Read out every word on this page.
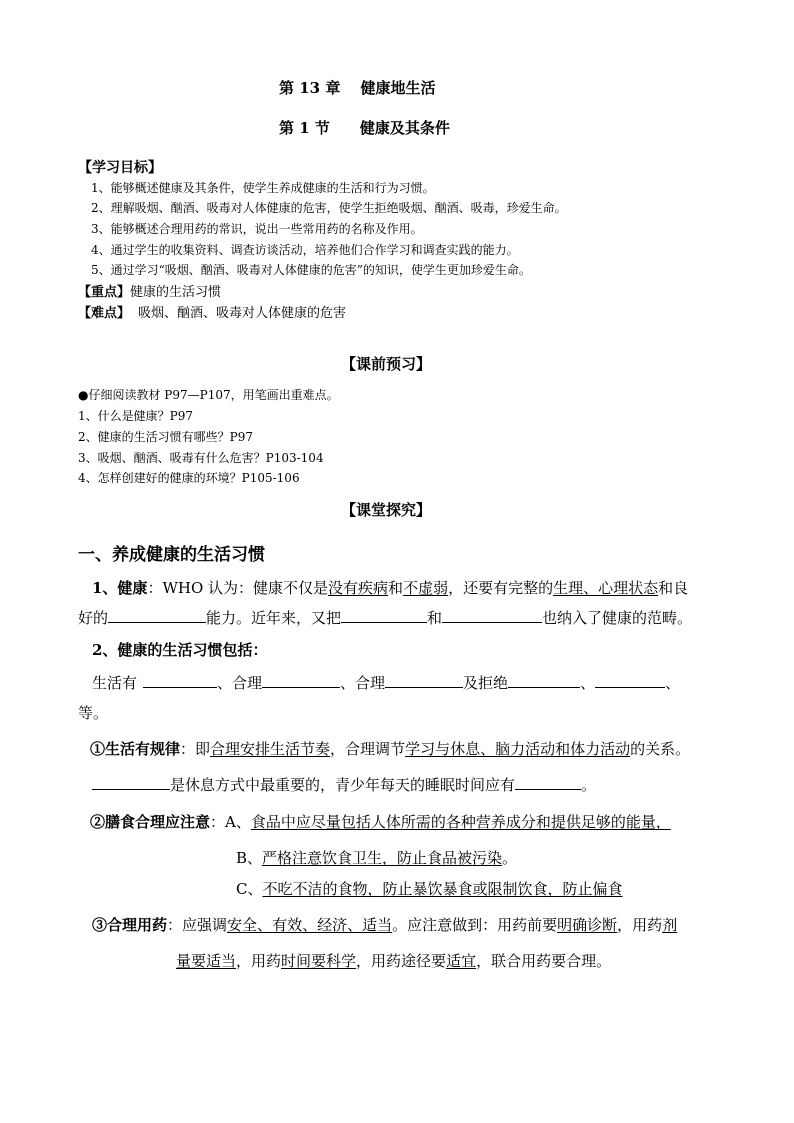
第 13 章　 健康地生活
第 1 节　　健康及其条件
【学习目标】
1、能够概述健康及其条件，使学生养成健康的生活和行为习惯。
2、理解吸烟、酗酒、吸毒对人体健康的危害，使学生拒绝吸烟、酗酒、吸毒，珍爱生命。
3、能够概述合理用药的常识，说出一些常用药的名称及作用。
4、通过学生的收集资料、调查访谈活动，培养他们合作学习和调查实践的能力。
5、通过学习“吸烟、酗酒、吸毒对人体健康的危害”的知识，使学生更加珍爱生命。
【重点】健康的生活习惯
【难点】 吸烟、酗酒、吸毒对人体健康的危害
【课前预习】
●仔细阅读教材 P97—P107，用笔画出重难点。
1、什么是健康？P97
2、健康的生活习惯有哪些？P97
3、吸烟、酗酒、吸毒有什么危害？P103-104
4、怎样创建好的健康的环境？P105-106
【课堂探究】
一、养成健康的生活习惯
1、健康：WHO 认为：健康不仅是没有疾病和不虚弱，还要有完整的生理、心理状态和良
好的	能力。近年来，又把	和	也纳入了健康的范畴。
2、健康的生活习惯包括：
生活有	、合理	、合理	及拒绝	、	、
等。
①生活有规律：即合理安排生活节奏，合理调节学习与休息、脑力活动和体力活动的关系。
是休息方式中最重要的，青少年每天的睡眠时间应有	。
②膳食合理应注意：A、食品中应尽量包括人体所需的各种营养成分和提供足够的能量，
B、严格注意饮食卫生，防止食品被污染。
C、不吃不洁的食物，防止暴饮暴食或限制饮食，防止偏食
③合理用药：应强调安全、有效、经济、适当。应注意做到：用药前要明确诊断，用药剂
量要适当，用药时间要科学，用药途径要适宜，联合用药要合理。
